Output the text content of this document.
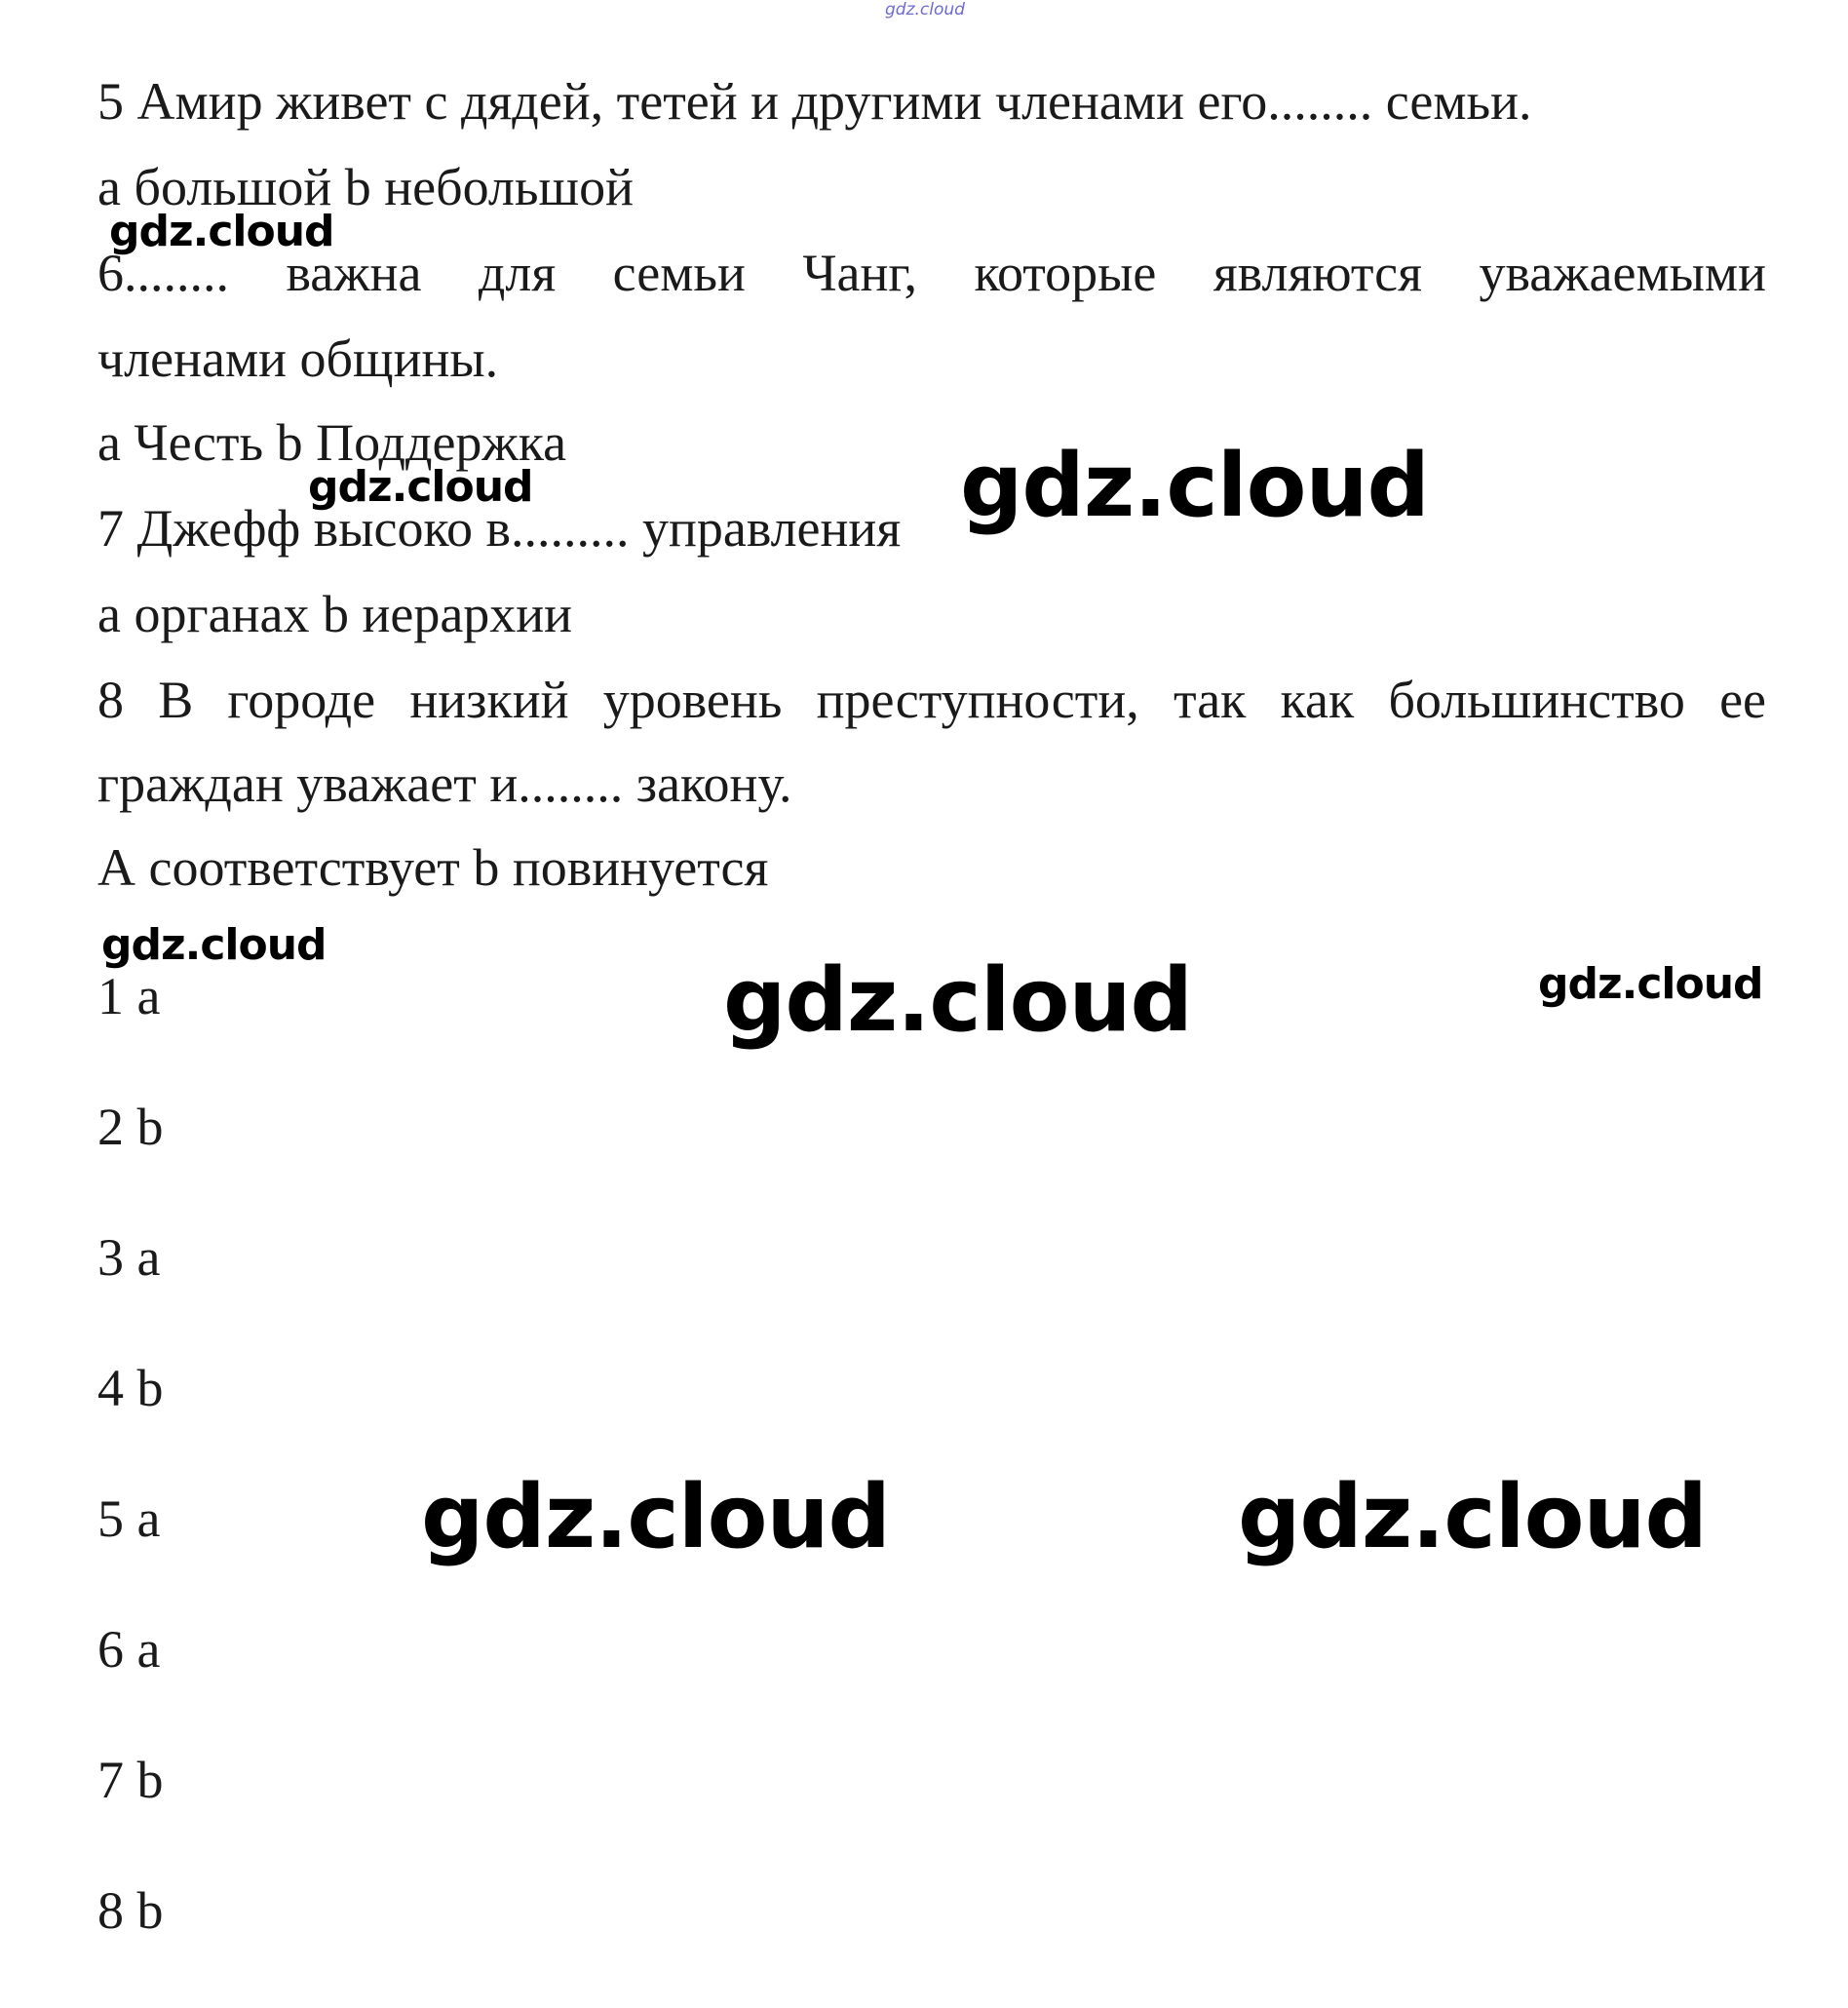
gdz.cloud
5 Амир живет с дядей, тетей и другими членами его........ семьи.
а большой b небольшой
6........ важна для семьи Чанг, которые являются уважаемыми
членами общины.
а Честь b Поддержка
7 Джефф высоко в......... управления
а органах b иерархии
8 В городе низкий уровень преступности, так как большинство ее
граждан уважает и........ закону.
А соответствует b повинуется
1 a
2 b
3 a
4 b
5 a
6 a
7 b
8 b
gdz.cloud
gdz.cloud	gdz.cloud
gdz.cloud
gdz.cloud	gdz.cloud
gdz.cloud	gdz.cloud
